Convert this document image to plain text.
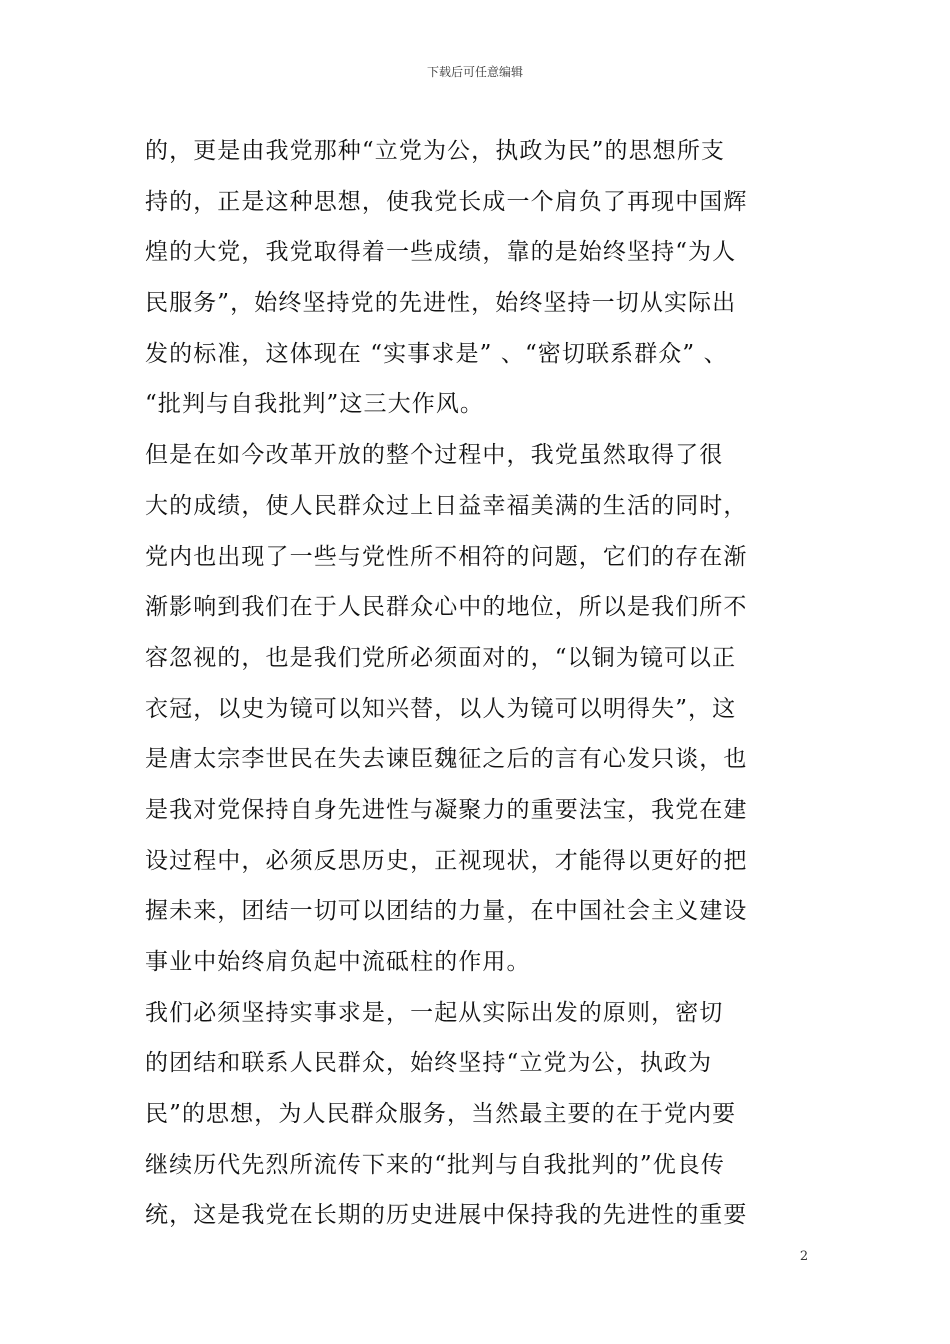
下载后可任意编辑
的，更是由我党那种“立党为公，执政为民”的思想所支
持的，正是这种思想，使我党长成一个肩负了再现中国辉
煌的大党，我党取得着一些成绩，靠的是始终坚持“为人
民服务”，始终坚持党的先进性，始终坚持一切从实际出
发的标准，这体现在 “实事求是” 、“密切联系群众” 、
“批判与自我批判”这三大作风。
但是在如今改革开放的整个过程中，我党虽然取得了很
大的成绩，使人民群众过上日益幸福美满的生活的同时，
党内也出现了一些与党性所不相符的问题，它们的存在渐
渐影响到我们在于人民群众心中的地位，所以是我们所不
容忽视的，也是我们党所必须面对的，“以铜为镜可以正
衣冠，以史为镜可以知兴替，以人为镜可以明得失”，这
是唐太宗李世民在失去谏臣魏征之后的言有心发只谈，也
是我对党保持自身先进性与凝聚力的重要法宝，我党在建
设过程中，必须反思历史，正视现状，才能得以更好的把
握未来，团结一切可以团结的力量，在中国社会主义建设
事业中始终肩负起中流砥柱的作用。
我们必须坚持实事求是，一起从实际出发的原则，密切
的团结和联系人民群众，始终坚持“立党为公，执政为
民”的思想，为人民群众服务，当然最主要的在于党内要
继续历代先烈所流传下来的“批判与自我批判的”优良传
统，这是我党在长期的历史进展中保持我的先进性的重要
2
